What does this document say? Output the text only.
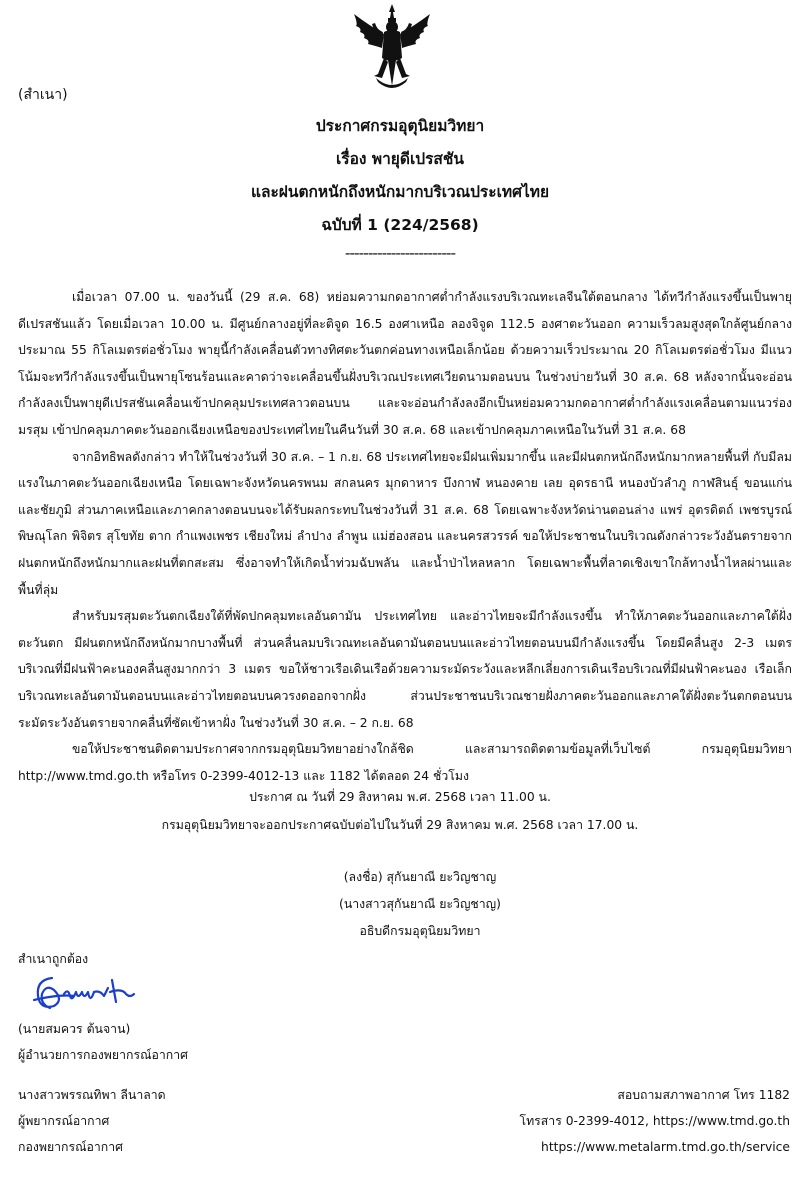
(สำเนา)
ประกาศกรมอุตุนิยมวิทยา
เรื่อง พายุดีเปรสชัน
และฝนตกหนักถึงหนักมากบริเวณประเทศไทย
ฉบับที่ 1 (224/2568)
------------------------

เมื่อเวลา 07.00 น. ของวันนี้ (29 ส.ค. 68) หย่อมความกดอากาศต่ำกำลังแรงบริเวณทะเลจีนใต้ตอนกลาง ได้ทวีกำลังแรงขึ้นเป็นพายุดีเปรสชันแล้ว โดยเมื่อเวลา 10.00 น. มีศูนย์กลางอยู่ที่ละติจูด 16.5 องศาเหนือ ลองจิจูด 112.5 องศาตะวันออก ความเร็วลมสูงสุดใกล้ศูนย์กลางประมาณ 55 กิโลเมตรต่อชั่วโมง พายุนี้กำลังเคลื่อนตัวทางทิศตะวันตกค่อนทางเหนือเล็กน้อย ด้วยความเร็วประมาณ 20 กิโลเมตรต่อชั่วโมง มีแนวโน้มจะทวีกำลังแรงขึ้นเป็นพายุโซนร้อนและคาดว่าจะเคลื่อนขึ้นฝั่งบริเวณประเทศเวียดนามตอนบน ในช่วงบ่ายวันที่ 30 ส.ค. 68 หลังจากนั้นจะอ่อนกำลังลงเป็นพายุดีเปรสชันเคลื่อนเข้าปกคลุมประเทศลาวตอนบน และจะอ่อนกำลังลงอีกเป็นหย่อมความกดอากาศต่ำกำลังแรงเคลื่อนตามแนวร่องมรสุม เข้าปกคลุมภาคตะวันออกเฉียงเหนือของประเทศไทยในคืนวันที่ 30 ส.ค. 68 และเข้าปกคลุมภาคเหนือในวันที่ 31 ส.ค. 68

จากอิทธิพลดังกล่าว ทำให้ในช่วงวันที่ 30 ส.ค. – 1 ก.ย. 68 ประเทศไทยจะมีฝนเพิ่มมากขึ้น และมีฝนตกหนักถึงหนักมากหลายพื้นที่ กับมีลมแรงในภาคตะวันออกเฉียงเหนือ โดยเฉพาะจังหวัดนครพนม สกลนคร มุกดาหาร บึงกาฬ หนองคาย เลย อุดรธานี หนองบัวลำภู กาฬสินธุ์ ขอนแก่น และชัยภูมิ ส่วนภาคเหนือและภาคกลางตอนบนจะได้รับผลกระทบในช่วงวันที่ 31 ส.ค. 68 โดยเฉพาะจังหวัดน่านตอนล่าง แพร่ อุตรดิตถ์ เพชรบูรณ์ พิษณุโลก พิจิตร สุโขทัย ตาก กำแพงเพชร เชียงใหม่ ลำปาง ลำพูน แม่ฮ่องสอน และนครสวรรค์ ขอให้ประชาชนในบริเวณดังกล่าวระวังอันตรายจากฝนตกหนักถึงหนักมากและฝนที่ตกสะสม ซึ่งอาจทำให้เกิดน้ำท่วมฉับพลัน และน้ำป่าไหลหลาก โดยเฉพาะพื้นที่ลาดเชิงเขาใกล้ทางน้ำไหลผ่านและพื้นที่ลุ่ม

สำหรับมรสุมตะวันตกเฉียงใต้ที่พัดปกคลุมทะเลอันดามัน ประเทศไทย และอ่าวไทยจะมีกำลังแรงขึ้น ทำให้ภาคตะวันออกและภาคใต้ฝั่งตะวันตก มีฝนตกหนักถึงหนักมากบางพื้นที่ ส่วนคลื่นลมบริเวณทะเลอันดามันตอนบนและอ่าวไทยตอนบนมีกำลังแรงขึ้น โดยมีคลื่นสูง 2-3 เมตร บริเวณที่มีฝนฟ้าคะนองคลื่นสูงมากกว่า 3 เมตร ขอให้ชาวเรือเดินเรือด้วยความระมัดระวังและหลีกเลี่ยงการเดินเรือบริเวณที่มีฝนฟ้าคะนอง เรือเล็กบริเวณทะเลอันดามันตอนบนและอ่าวไทยตอนบนควรงดออกจากฝั่ง ส่วนประชาชนบริเวณชายฝั่งภาคตะวันออกและภาคใต้ฝั่งตะวันตกตอนบน ระมัดระวังอันตรายจากคลื่นที่ซัดเข้าหาฝั่ง ในช่วงวันที่ 30 ส.ค. – 2 ก.ย. 68

ขอให้ประชาชนติดตามประกาศจากกรมอุตุนิยมวิทยาอย่างใกล้ชิด และสามารถติดตามข้อมูลที่เว็บไซต์ กรมอุตุนิยมวิทยา http://www.tmd.go.th หรือโทร 0-2399-4012-13 และ 1182 ได้ตลอด 24 ชั่วโมง

ประกาศ ณ วันที่ 29 สิงหาคม พ.ศ. 2568 เวลา 11.00 น.
กรมอุตุนิยมวิทยาจะออกประกาศฉบับต่อไปในวันที่ 29 สิงหาคม พ.ศ. 2568 เวลา 17.00 น.
(ลงชื่อ) สุกันยาณี ยะวิญชาญ
(นางสาวสุกันยาณี ยะวิญชาญ)
อธิบดีกรมอุตุนิยมวิทยา
สำเนาถูกต้อง
(นายสมควร ต้นจาน)
ผู้อำนวยการกองพยากรณ์อากาศ
นางสาวพรรณทิพา ลีนาลาด
ผู้พยากรณ์อากาศ
กองพยากรณ์อากาศ
สอบถามสภาพอากาศ โทร 1182
โทรสาร 0-2399-4012, https://www.tmd.go.th
https://www.metalarm.tmd.go.th/service
